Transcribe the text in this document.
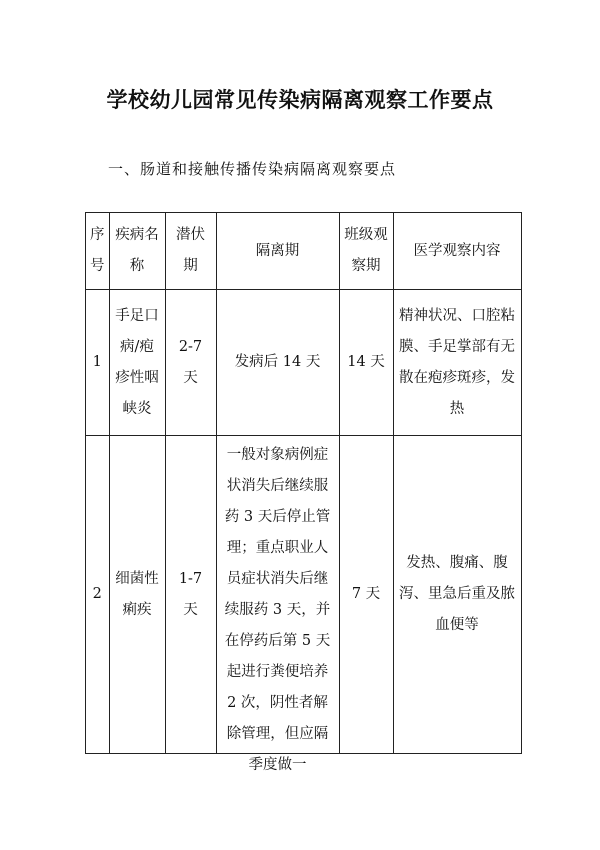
学校幼儿园常见传染病隔离观察工作要点
一、肠道和接触传播传染病隔离观察要点
序号	疾病名称	潜伏期	隔离期	班级观察期	医学观察内容
1	手足口病/疱疹性咽峡炎	2-7 天	发病后 14 天	14 天	精神状况、口腔粘膜、手足掌部有无散在疱疹斑疹，发热
2	细菌性痢疾	1-7 天	一般对象病例症状消失后继续服药 3 天后停止管理；重点职业人员症状消失后继续服药 3 天，并在停药后第 5 天起进行粪便培养 2 次，阴性者解除管理，但应隔季度做一	7 天	发热、腹痛、腹泻、里急后重及脓血便等
